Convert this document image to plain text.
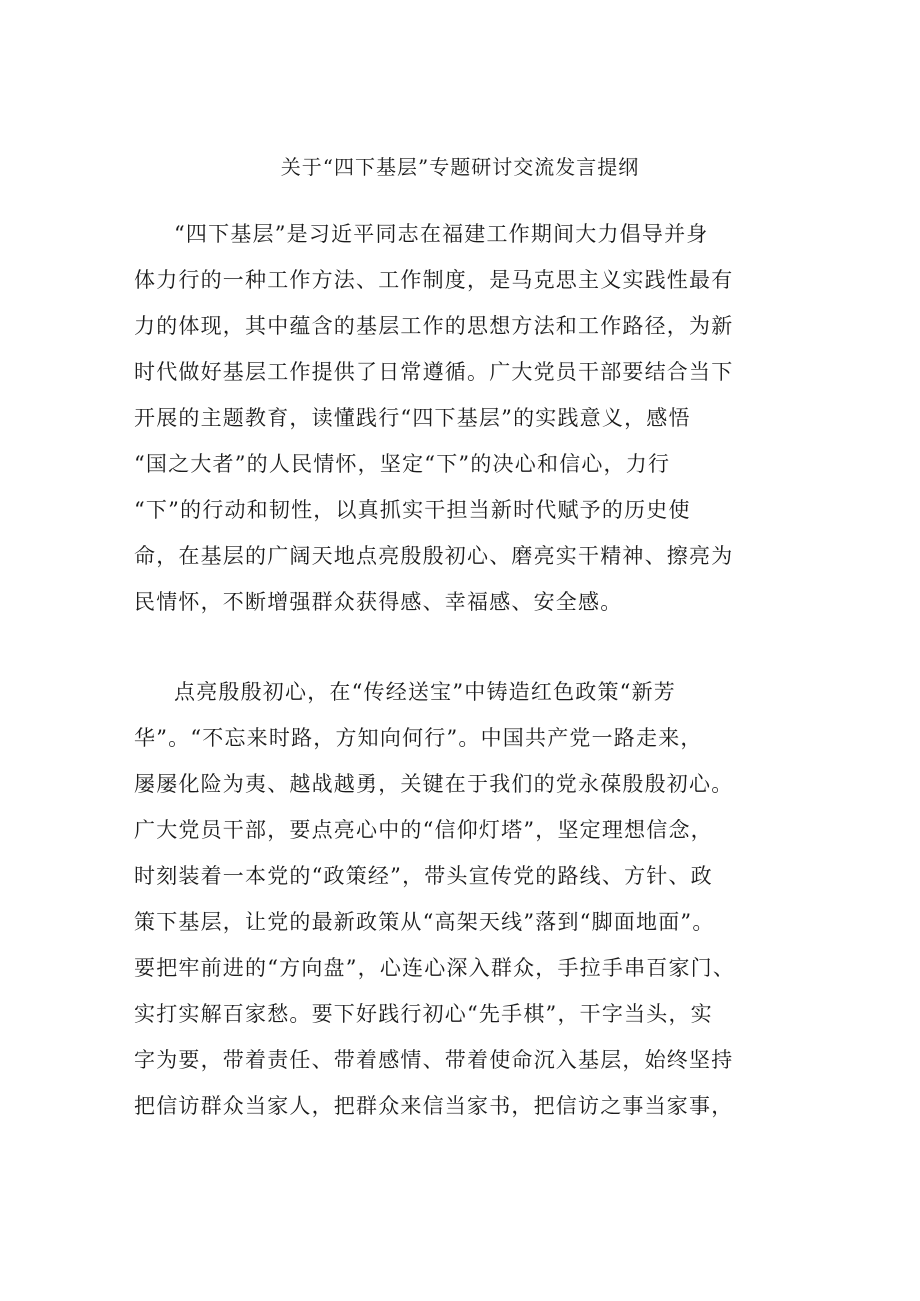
关于“四下基层”专题研讨交流发言提纲
“四下基层”是习近平同志在福建工作期间大力倡导并身
体力行的一种工作方法、工作制度，是马克思主义实践性最有
力的体现，其中蕴含的基层工作的思想方法和工作路径，为新
时代做好基层工作提供了日常遵循。广大党员干部要结合当下
开展的主题教育，读懂践行“四下基层”的实践意义，感悟
“国之大者”的人民情怀，坚定“下”的决心和信心，力行
“下”的行动和韧性，以真抓实干担当新时代赋予的历史使
命，在基层的广阔天地点亮殷殷初心、磨亮实干精神、擦亮为
民情怀，不断增强群众获得感、幸福感、安全感。
点亮殷殷初心，在“传经送宝”中铸造红色政策“新芳
华”。“不忘来时路，方知向何行”。中国共产党一路走来，
屡屡化险为夷、越战越勇，关键在于我们的党永葆殷殷初心。
广大党员干部，要点亮心中的“信仰灯塔”，坚定理想信念，
时刻装着一本党的“政策经”，带头宣传党的路线、方针、政
策下基层，让党的最新政策从“高架天线”落到“脚面地面”。
要把牢前进的“方向盘”，心连心深入群众，手拉手串百家门、
实打实解百家愁。要下好践行初心“先手棋”，干字当头，实
字为要，带着责任、带着感情、带着使命沉入基层，始终坚持
把信访群众当家人，把群众来信当家书，把信访之事当家事，
